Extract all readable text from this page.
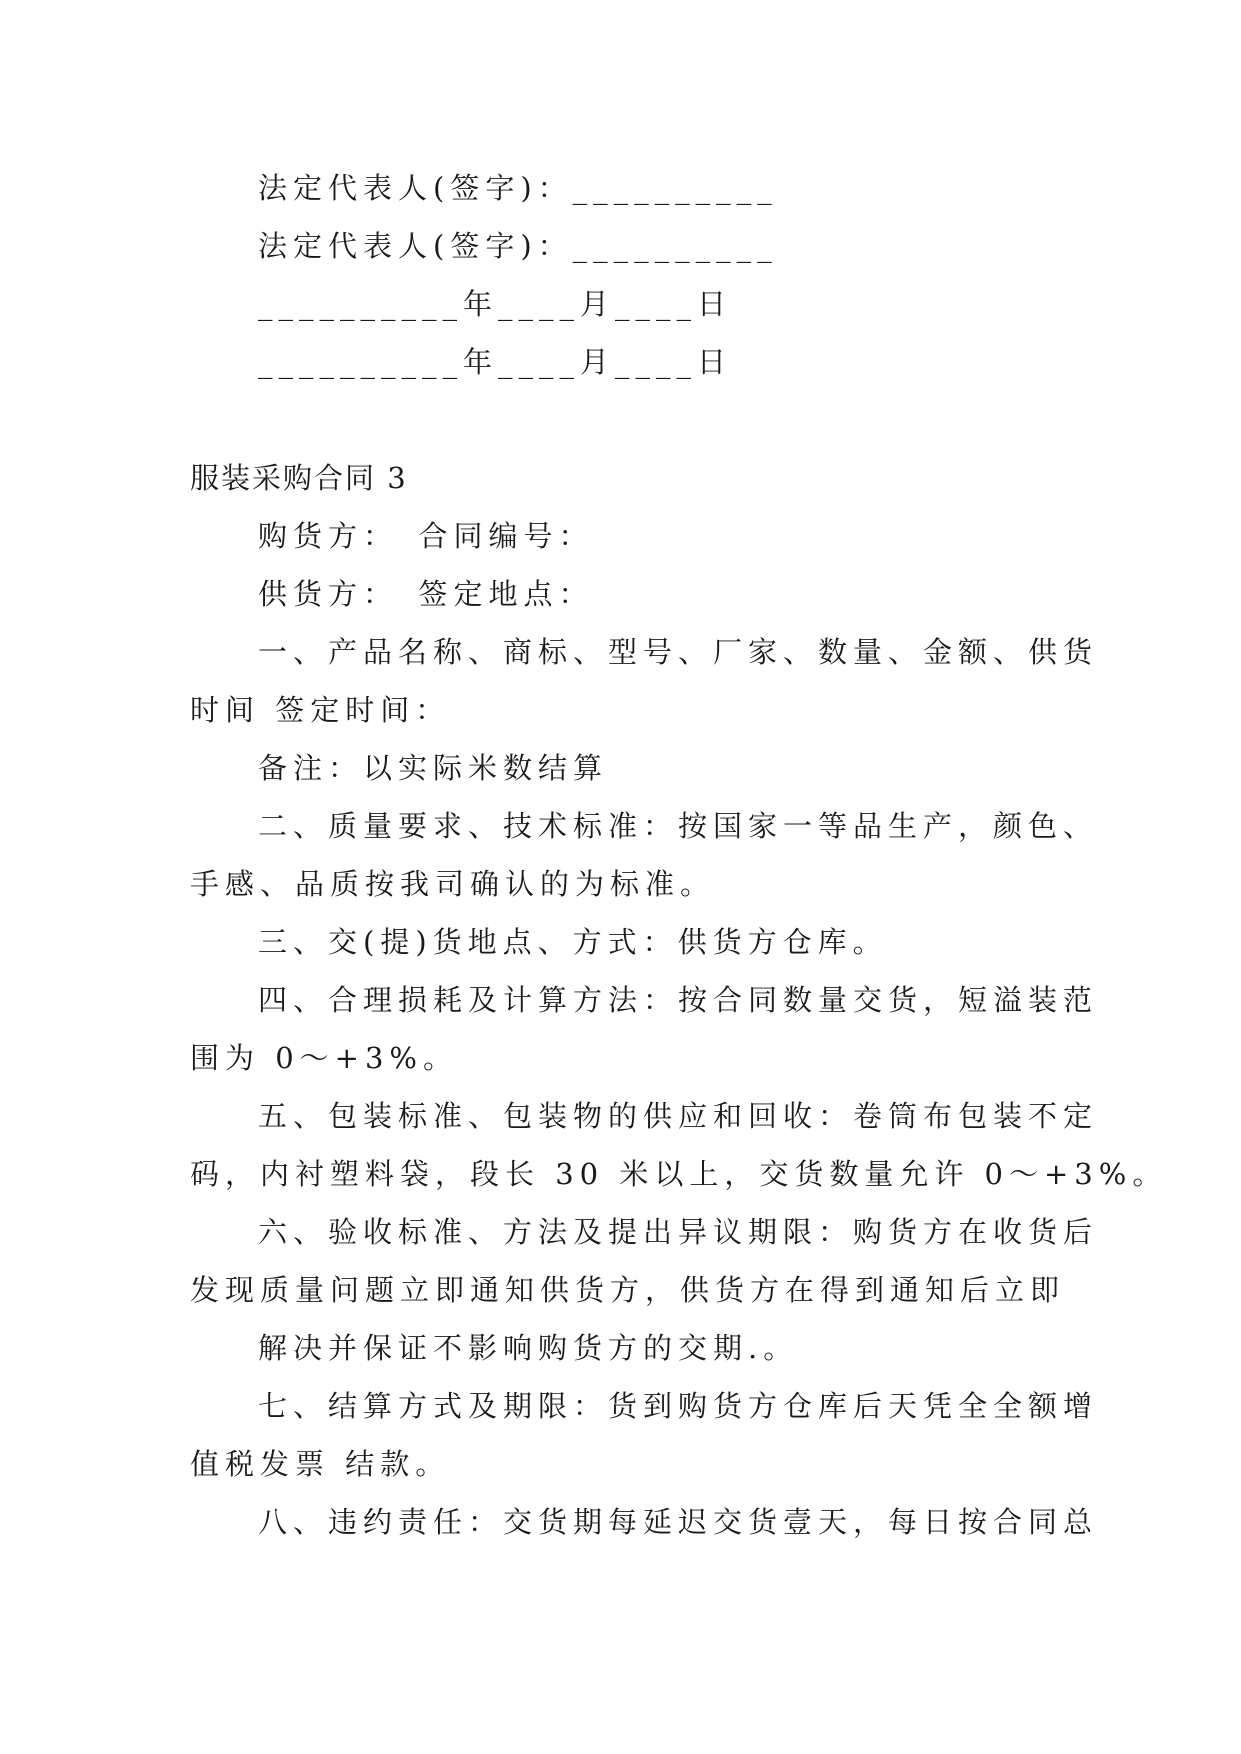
法定代表人(签字)：__________
法定代表人(签字)：__________
__________年____月____日
__________年____月____日
服装采购合同 3
购货方：　合同编号：
供货方：　签定地点：
一、产品名称、商标、型号、厂家、数量、金额、供货
时间 签定时间：
备注：以实际米数结算
二、质量要求、技术标准：按国家一等品生产，颜色、
手感、品质按我司确认的为标准。
三、交(提)货地点、方式：供货方仓库。
四、合理损耗及计算方法：按合同数量交货，短溢装范
围为 0～+3%。
五、包装标准、包装物的供应和回收：卷筒布包装不定
码，内衬塑料袋，段长 30 米以上，交货数量允许 0～+3%。
六、验收标准、方法及提出异议期限：购货方在收货后
发现质量问题立即通知供货方，供货方在得到通知后立即
解决并保证不影响购货方的交期.。
七、结算方式及期限：货到购货方仓库后天凭全全额增
值税发票 结款。
八、违约责任：交货期每延迟交货壹天，每日按合同总
